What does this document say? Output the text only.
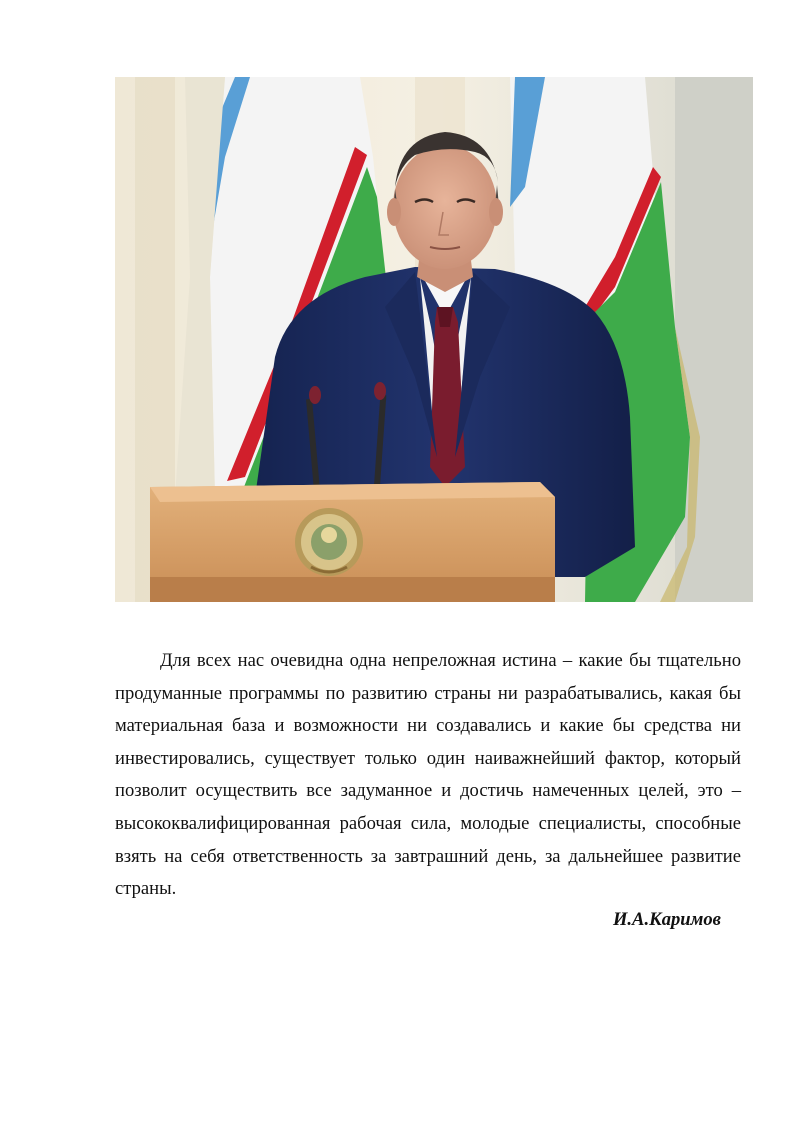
Для всех нас очевидна одна непреложная истина – какие бы тщательно продуманные программы по развитию страны ни разрабатывались, какая бы материальная база и возможности ни создавались и какие бы средства ни инвестировались, существует только один наиважнейший фактор, который позволит осуществить все задуманное и достичь намеченных целей, это – высококвалифицированная рабочая сила, молодые специалисты, способные взять на себя ответственность за завтрашний день, за дальнейшее развитие страны.

И.А.Каримов
